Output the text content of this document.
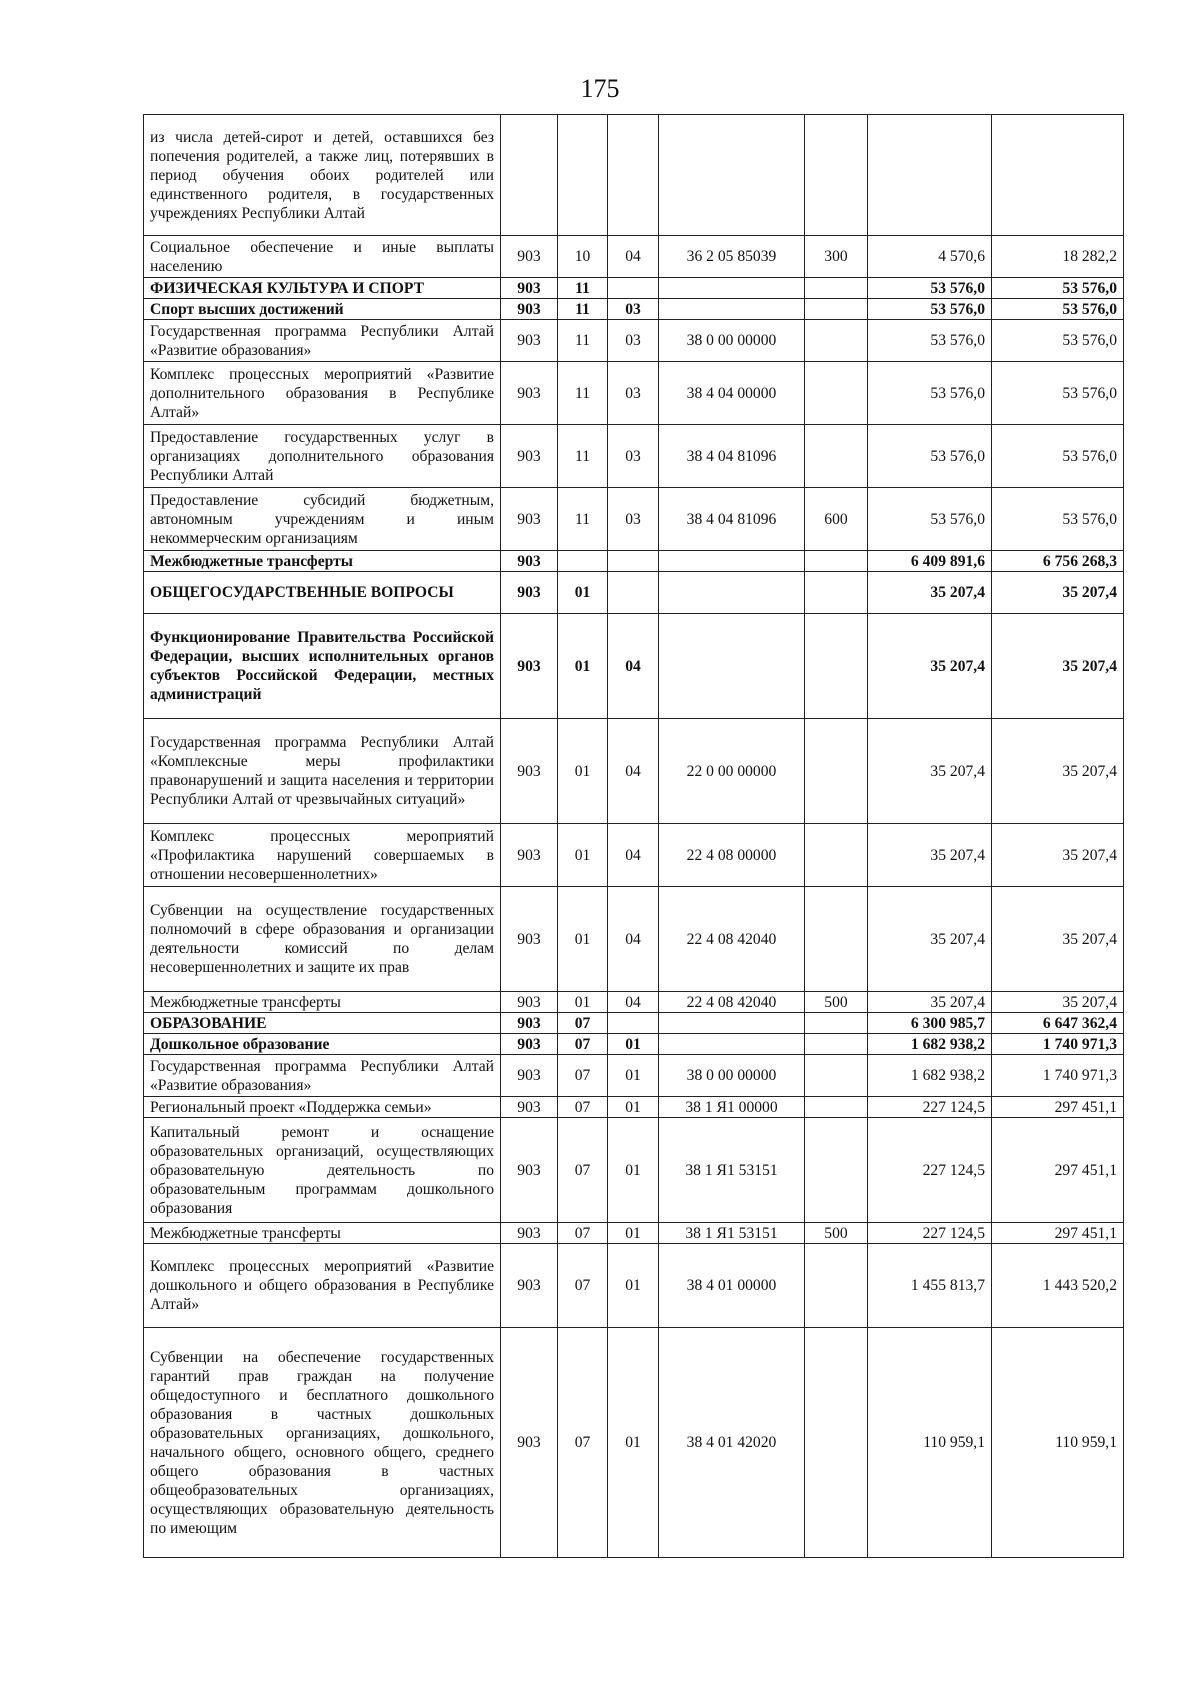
175
из числа детей-сирот и детей, оставшихся без попечения родителей, а также лиц, потерявших в период обучения обоих родителей или единственного родителя, в государственных учреждениях Республики Алтай							
Социальное обеспечение и иные выплаты населению	903	10	04	36 2 05 85039	300	4 570,6	18 282,2
ФИЗИЧЕСКАЯ КУЛЬТУРА И СПОРТ	903	11				53 576,0	53 576,0
Спорт высших достижений	903	11	03			53 576,0	53 576,0
Государственная программа Республики Алтай «Развитие образования»	903	11	03	38 0 00 00000		53 576,0	53 576,0
Комплекс процессных мероприятий «Развитие дополнительного образования в Республике Алтай»	903	11	03	38 4 04 00000		53 576,0	53 576,0
Предоставление государственных услуг в организациях дополнительного образования Республики Алтай	903	11	03	38 4 04 81096		53 576,0	53 576,0
Предоставление субсидий бюджетным, автономным учреждениям и иным некоммерческим организациям	903	11	03	38 4 04 81096	600	53 576,0	53 576,0
Межбюджетные трансферты	903					6 409 891,6	6 756 268,3
ОБЩЕГОСУДАРСТВЕННЫЕ ВОПРОСЫ	903	01				35 207,4	35 207,4
Функционирование Правительства Российской Федерации, высших исполнительных органов субъектов Российской Федерации, местных администраций	903	01	04			35 207,4	35 207,4
Государственная программа Республики Алтай «Комплексные меры профилактики правонарушений и защита населения и территории Республики Алтай от чрезвычайных ситуаций»	903	01	04	22 0 00 00000		35 207,4	35 207,4
Комплекс процессных мероприятий «Профилактика нарушений совершаемых в отношении несовершеннолетних»	903	01	04	22 4 08 00000		35 207,4	35 207,4
Субвенции на осуществление государственных полномочий в сфере образования и организации деятельности комиссий по делам несовершеннолетних и защите их прав	903	01	04	22 4 08 42040		35 207,4	35 207,4
Межбюджетные трансферты	903	01	04	22 4 08 42040	500	35 207,4	35 207,4
ОБРАЗОВАНИЕ	903	07				6 300 985,7	6 647 362,4
Дошкольное образование	903	07	01			1 682 938,2	1 740 971,3
Государственная программа Республики Алтай «Развитие образования»	903	07	01	38 0 00 00000		1 682 938,2	1 740 971,3
Региональный проект «Поддержка семьи»	903	07	01	38 1 Я1 00000		227 124,5	297 451,1
Капитальный ремонт и оснащение образовательных организаций, осуществляющих образовательную деятельность по образовательным программам дошкольного образования	903	07	01	38 1 Я1 53151		227 124,5	297 451,1
Межбюджетные трансферты	903	07	01	38 1 Я1 53151	500	227 124,5	297 451,1
Комплекс процессных мероприятий «Развитие дошкольного и общего образования в Республике Алтай»	903	07	01	38 4 01 00000		1 455 813,7	1 443 520,2
Субвенции на обеспечение государственных гарантий прав граждан на получение общедоступного и бесплатного дошкольного образования в частных дошкольных образовательных организациях, дошкольного, начального общего, основного общего, среднего общего образования в частных общеобразовательных организациях, осуществляющих образовательную деятельность по имеющим	903	07	01	38 4 01 42020		110 959,1	110 959,1
